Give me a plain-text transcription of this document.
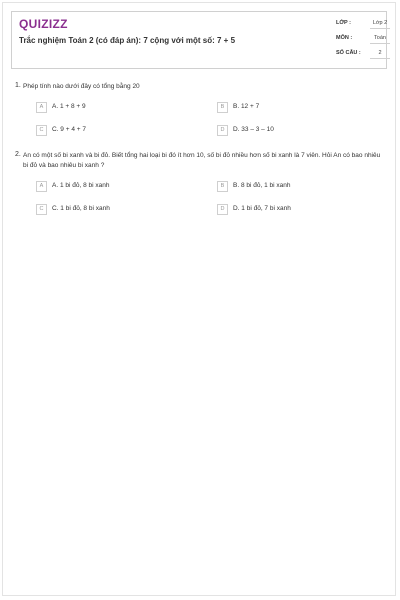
QUIZIZZ
Trắc nghiệm Toán 2 (có đáp án): 7 cộng với một số: 7 + 5
LỚP :	Lớp 2
MÔN :	Toán
SỐ CÂU :	2
1. Phép tính nào dưới đây có tổng bằng 20
A	A. 1 + 8 + 9	B	B. 12 + 7
C	C. 9 + 4 + 7	D	D. 33 – 3 – 10
2. An có một số bi xanh và bi đỏ. Biết tổng hai loại bi đó ít hơn 10, số bi đỏ nhiều hơn số bi xanh là 7 viên. Hỏi An có bao nhiêu bi đỏ và bao nhiêu bi xanh ?
A	A. 1 bi đỏ, 8 bi xanh	B	B. 8 bi đỏ, 1 bi xanh
C	C. 1 bi đỏ, 8 bi xanh	D	D. 1 bi đỏ, 7 bi xanh
